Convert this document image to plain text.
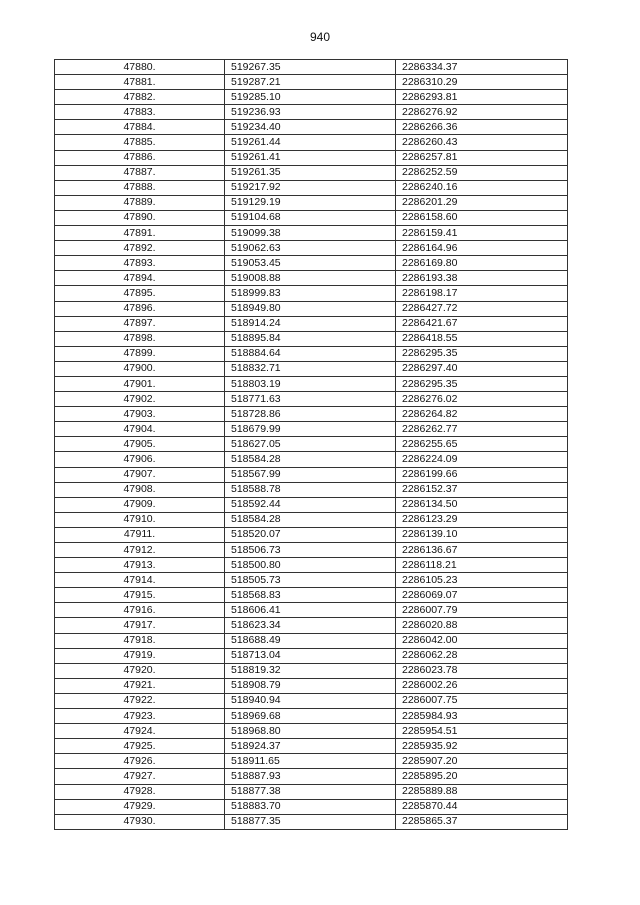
940
47880.	519267.35	2286334.37
47881.	519287.21	2286310.29
47882.	519285.10	2286293.81
47883.	519236.93	2286276.92
47884.	519234.40	2286266.36
47885.	519261.44	2286260.43
47886.	519261.41	2286257.81
47887.	519261.35	2286252.59
47888.	519217.92	2286240.16
47889.	519129.19	2286201.29
47890.	519104.68	2286158.60
47891.	519099.38	2286159.41
47892.	519062.63	2286164.96
47893.	519053.45	2286169.80
47894.	519008.88	2286193.38
47895.	518999.83	2286198.17
47896.	518949.80	2286427.72
47897.	518914.24	2286421.67
47898.	518895.84	2286418.55
47899.	518884.64	2286295.35
47900.	518832.71	2286297.40
47901.	518803.19	2286295.35
47902.	518771.63	2286276.02
47903.	518728.86	2286264.82
47904.	518679.99	2286262.77
47905.	518627.05	2286255.65
47906.	518584.28	2286224.09
47907.	518567.99	2286199.66
47908.	518588.78	2286152.37
47909.	518592.44	2286134.50
47910.	518584.28	2286123.29
47911.	518520.07	2286139.10
47912.	518506.73	2286136.67
47913.	518500.80	2286118.21
47914.	518505.73	2286105.23
47915.	518568.83	2286069.07
47916.	518606.41	2286007.79
47917.	518623.34	2286020.88
47918.	518688.49	2286042.00
47919.	518713.04	2286062.28
47920.	518819.32	2286023.78
47921.	518908.79	2286002.26
47922.	518940.94	2286007.75
47923.	518969.68	2285984.93
47924.	518968.80	2285954.51
47925.	518924.37	2285935.92
47926.	518911.65	2285907.20
47927.	518887.93	2285895.20
47928.	518877.38	2285889.88
47929.	518883.70	2285870.44
47930.	518877.35	2285865.37
